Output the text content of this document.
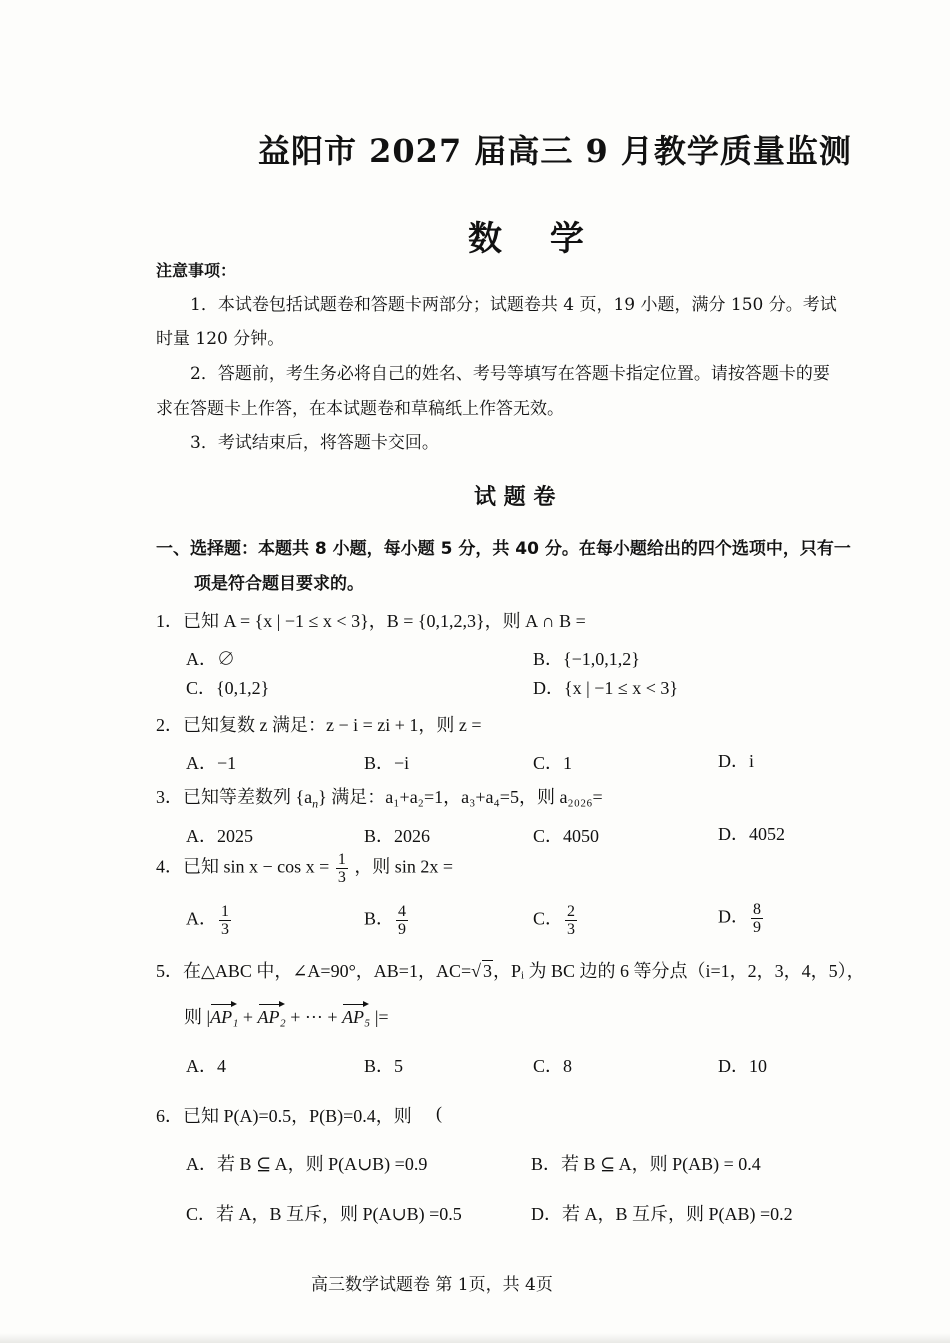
益阳市 2027 届高三 9 月教学质量监测
数 学
注意事项：
1．本试卷包括试题卷和答题卡两部分；试题卷共 4 页，19 小题，满分 150 分。考试
时量 120 分钟。
2．答题前，考生务必将自己的姓名、考号等填写在答题卡指定位置。请按答题卡的要
求在答题卡上作答，在本试题卷和草稿纸上作答无效。
3．考试结束后，将答题卡交回。
试 题 卷
一、选择题：本题共 8 小题，每小题 5 分，共 40 分。在每小题给出的四个选项中，只有一
项是符合题目要求的。
1．已知 A = {x | −1 ≤ x < 3}，B = {0,1,2,3}，则 A ∩ B =
A．∅	B．{−1,0,1,2}
C．{0,1,2}	D．{x | −1 ≤ x < 3}
2．已知复数 z 满足：z − i = zi + 1，则 z =
A．−1	B．−i	C．1	D．i
3．已知等差数列 $\{a_n\}$ 满足：a₁+a₂=1，a₃+a₄=5，则 a₂₀₂₆=
A．2025	B．2026	C．4050	D．4052
4．已知 $\sin x - \cos x = \frac{1}{3}$ ，则 sin 2x =
A． $\frac{1}{3}$	B． $\frac{4}{9}$	C． $\frac{2}{3}$	D． $\frac{8}{9}$
5．在△ABC 中，∠A=90°，AB=1，AC=√ 3，Pᵢ 为 BC 边的 6 等分点（i=1，2，3，4，5），
则 |AP₁ + AP₂ + ··· + AP₅ |=
A．4	B．5	C．8	D．10
6．已知 P(A)=0.5，P(B)=0.4，则 (
A．若 B ⊆ A，则 P(A∪B) =0.9	B．若 B ⊆ A，则 P(AB) = 0.4
C．若 A，B 互斥，则 P(A∪B) =0.5	D．若 A，B 互斥，则 P(AB) =0.2
高三数学试题卷 第 1页，共 4页
